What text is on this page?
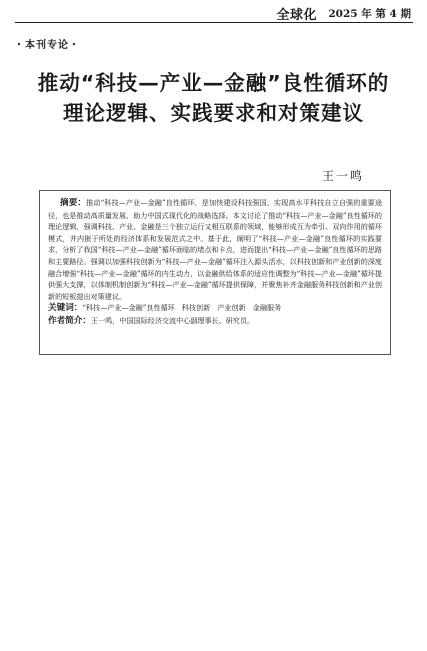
全球化 2025 年 第 4 期
・本刊专论・
推动“科技—产业—金融”良性循环的
理论逻辑、实践要求和对策建议
王一鸣

摘要：推动“科技—产业—金融”良性循环，是加快建设科技强国、实现高水平科技自立自强的重要途径，也是推动高质量发展、助力中国式现代化的战略选择。本文讨论了推动“科技—产业—金融”良性循环的理论逻辑，强调科技、产业、金融是三个独立运行又相互联系的领域，能够形成互为牵引、双向作用的循环模式，并内嵌于所处的经济体系和发展范式之中。基于此，阐明了“科技—产业—金融”良性循环的实践要求，分析了我国“科技—产业—金融”循环面临的堵点和卡点，进而提出“科技—产业—金融”良性循环的思路和主要路径。强调以加强科技创新为“科技—产业—金融”循环注入源头活水，以科技创新和产业创新的深度融合增强“科技—产业—金融”循环的内生动力，以金融供给体系的适应性调整为“科技—产业—金融”循环提供强大支撑，以体制机制创新为“科技—产业—金融”循环提供保障，并聚焦补齐金融服务科技创新和产业创新的短板提出对策建议。

关键词：“科技—产业—金融”良性循环　科技创新　产业创新　金融服务

作者简介：王一鸣，中国国际经济交流中心副理事长、研究员。
